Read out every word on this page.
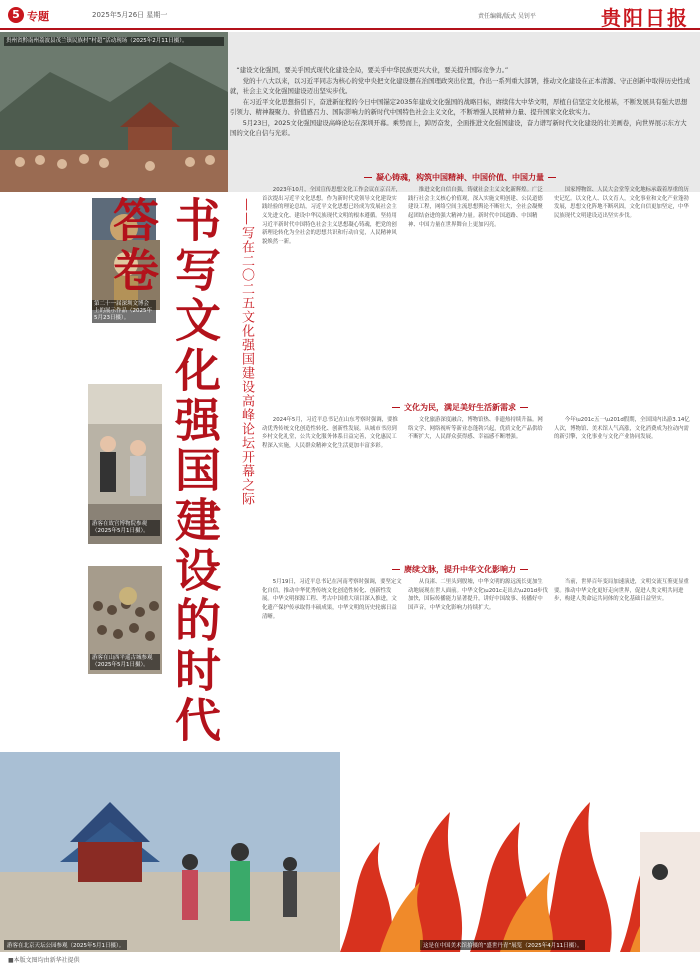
5 专题	2025年5月26日 星期一	责任编辑/版式 吴钊平	贵阳日报
贵州省黔南州荔波县茂兰镇民族村“村超”活动现场（2025年2月11日摄）。

“建设文化强国，要关乎国式现代化建设全局，要关乎中华民族更兴大业，要关提升国际竞争力。”

党的十八大以来，以习近平同志为核心的党中央把文化建设摆在治国理政突出位置，作出一系列重大部署，推动文化建设在正本清源、守正创新中取得历史性成就，社会主义文化强国建设迈出坚实步伐。

在习近平文化思想指引下，奋进新征程的今日中国锚定2035年建成文化强国的战略目标，赓续伟大中华文明，厚植自信坚定文化根基，不断发展具有强大思想引领力、精神凝聚力、价值感召力、国际影响力的新时代中国特色社会主义文化，不断增强人民精神力量、提升国家文化软实力。

5月23日，2025文化强国建设高峰论坛在深圳开幕。乘势而上，踔厉奋发，全面推进文化强国建设，奋力谱写新时代文化建设的壮美画卷，向世界展示东方大国的文化自信与光彩。

第二十一届深圳文博会上的展示作品（2025年5月23日摄）。
游客在故宫博物院参观（2025年5月1日摄）。
游客在山西平遥古城参观（2025年5月1日摄）。 书写文化强国建设的时代答卷	——写在二〇二五文化强国建设高峰论坛开幕之际
凝心铸魂，构筑中国精神、中国价值、中国力量
2023年10月，全国宣传思想文化工作会议在京召开，首次提出习近平文化思想。作为新时代党领导文化建设实践经验的理论总结，习近平文化思想已经成为发展社会主义先进文化、建设中华民族现代文明的根本遵循。坚持用习近平新时代中国特色社会主义思想凝心铸魂，把党的创新理论转化为全社会的思想共识和行动自觉，人民精神风貌焕然一新。
推进文化自信自强，铸就社会主义文化新辉煌。广泛践行社会主义核心价值观，深入实施文明创建、公民道德建设工程，网络空间主流思想舆论不断壮大，全社会凝聚起团结奋进的强大精神力量。新时代中国道路、中国精神、中国力量在世界舞台上更加闪亮。
国家博物馆、人民大会堂等文化地标承载着厚重的历史记忆。以文化人、以文育人，文化事业和文化产业蓬勃发展，思想文化阵地不断巩固，文化自信更加坚定，中华民族现代文明建设迈出坚实步伐。
文化为民，满足美好生活新需求
2024年5月，习近平总书记在山东考察时强调，要推动优秀传统文化创造性转化、创新性发展。从城市书房到乡村文化礼堂，公共文化服务体系日益完善，文化惠民工程深入实施，人民群众精神文化生活更加丰富多彩。
文化旅游深度融合，博物馆热、非遗热持续升温。网络文学、网络视听等新业态蓬勃兴起，优质文化产品供给不断扩大，人民群众获得感、幸福感不断增强。
今年\u201c五一\u201d假期，全国国内出游3.14亿人次，博物馆、美术馆人气高涨，文化消费成为拉动内需的新引擎，文化事业与文化产业协同发展。
赓续文脉，提升中华文化影响力
5月19日，习近平总书记在河南考察时强调，要坚定文化自信，推动中华优秀传统文化创造性转化、创新性发展。中华文明探源工程、考古中国重大项目深入推进，文化遗产保护传承取得丰硕成果，中华文明的历史轮廓日益清晰。
从良渚、二里头到殷墟，中华文明的源远流长更加生动地展现在世人面前。中华文化\u201c走出去\u201d步伐加快，国际传播能力显著提升，讲好中国故事、传播好中国声音，中华文化影响力持续扩大。
当前，世界百年变局加速演进，文明交流互鉴更显重要。推动中华文化更好走向世界，促进人类文明共同进步，构建人类命运共同体的文化基础日益坚实。
游客在北京天坛公园参观（2025年5月1日摄）。	这是在中国美术馆拍摄的“盛世丹青”展览（2025年4月11日摄）。
■本版文图均由新华社提供
